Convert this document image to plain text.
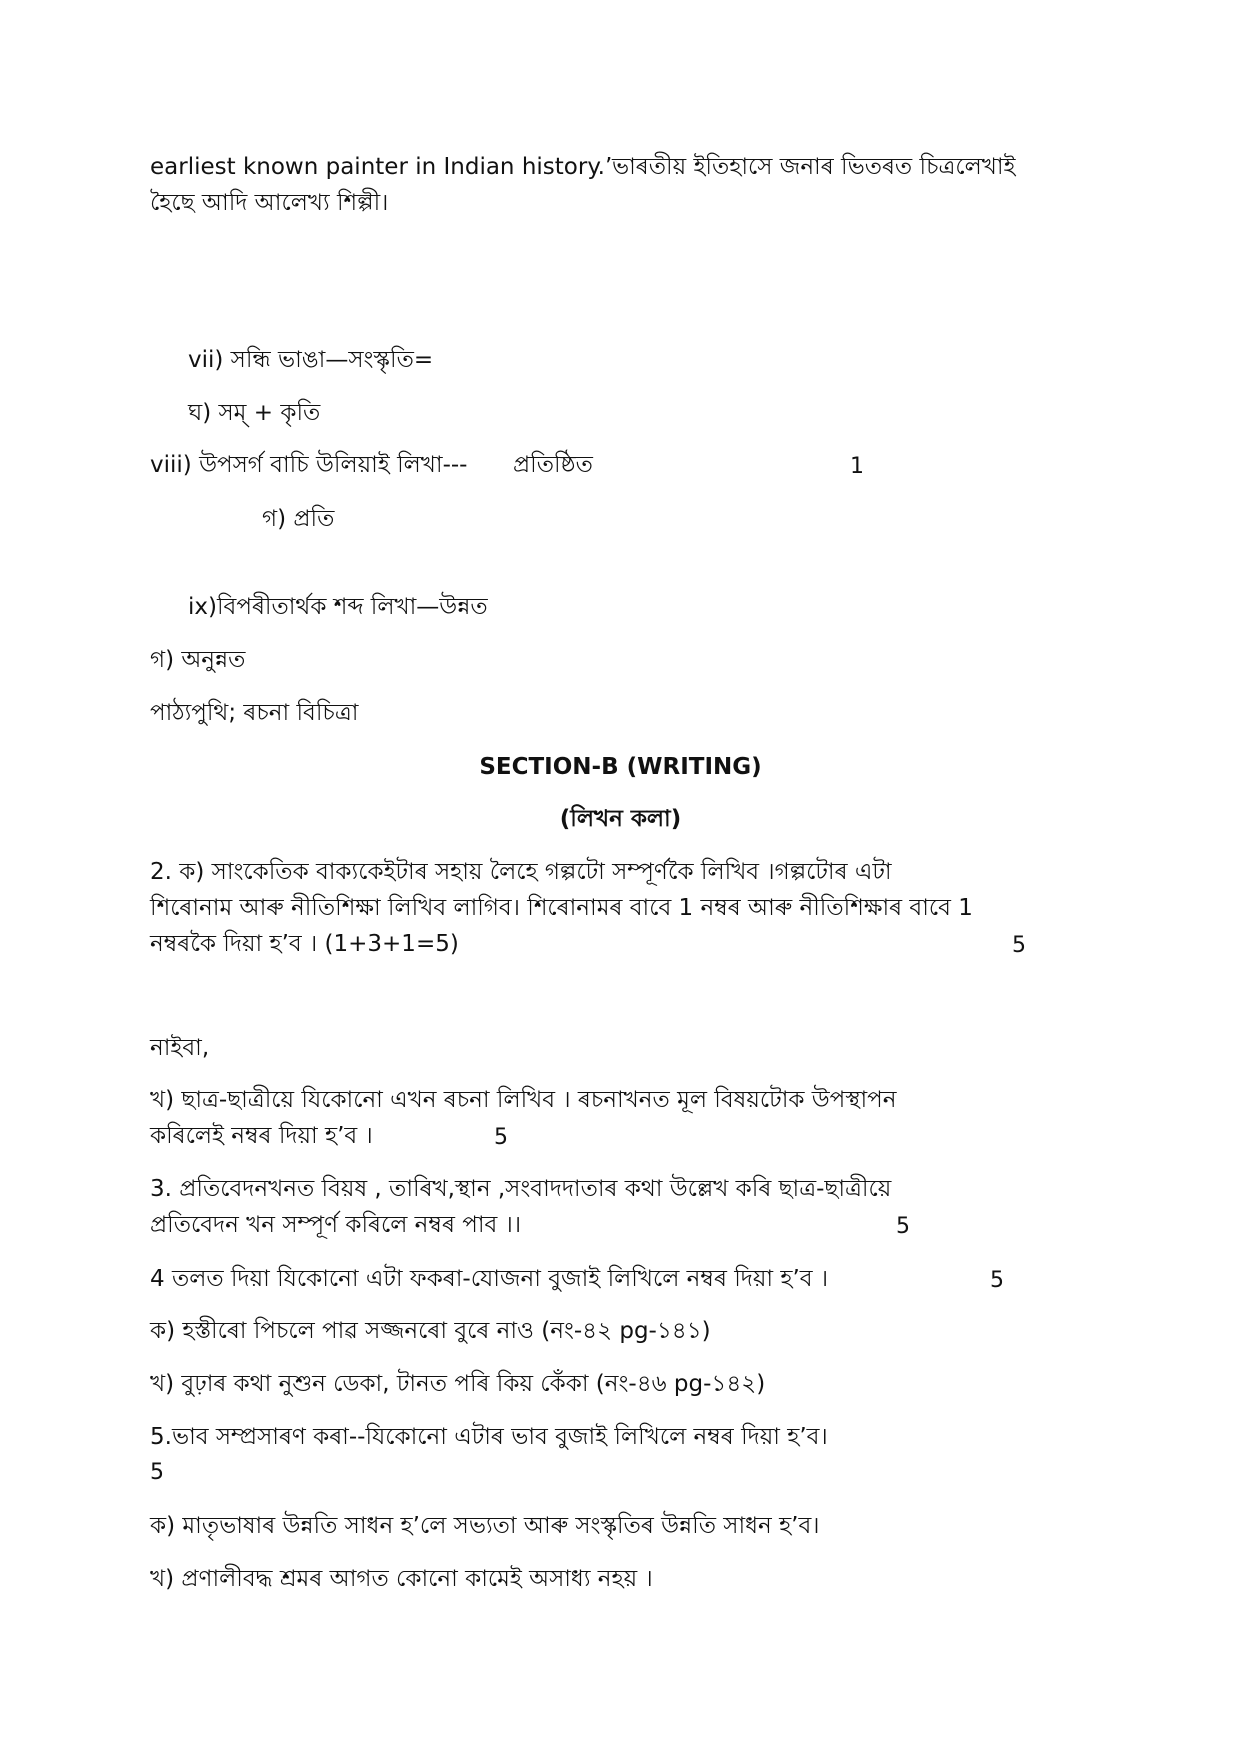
earliest known painter in Indian history.’ ভাৰতীয় ইতিহাসে জনাৰ ভিতৰত চিত্ৰলেখাই
হৈছে আদি আলেখ্য শিল্পী।
vii) সন্ধি ভাঙা—সংস্কৃতি=
ঘ) সম্ + কৃতি
viii) উপসৰ্গ বাচি উলিয়াই লিখা--- প্ৰতিষ্ঠিত	1
গ) প্ৰতি
ix)বিপৰীতাৰ্থক শব্দ লিখা—উন্নত
গ) অনুন্নত
পাঠ্যপুথি; ৰচনা বিচিত্ৰা
SECTION-B (WRITING)
(লিখন কলা)
2. ক) সাংকেতিক বাক্যকেইটাৰ সহায় লৈহে গল্পটো সম্পূৰ্ণকৈ লিখিব ।গল্পটোৰ এটা
শিৰোনাম আৰু নীতিশিক্ষা লিখিব লাগিব। শিৰোনামৰ বাবে 1 নম্বৰ আৰু নীতিশিক্ষাৰ বাবে 1
নম্বৰকৈ দিয়া হ’ব । (1+3+1=5)	5
নাইবা,
খ) ছাত্ৰ-ছাত্ৰীয়ে যিকোনো এখন ৰচনা লিখিব । ৰচনাখনত মূল বিষয়টোক উপস্থাপন
কৰিলেই নম্বৰ দিয়া হ’ব ।	5
3. প্ৰতিবেদনখনত বিয়ষ , তাৰিখ,স্থান ,সংবাদদাতাৰ কথা উল্লেখ কৰি ছাত্ৰ-ছাত্ৰীয়ে
প্ৰতিবেদন খন সম্পূৰ্ণ কৰিলে নম্বৰ পাব ।।	5
4 তলত দিয়া যিকোনো এটা ফকৰা-যোজনা বুজাই লিখিলে নম্বৰ দিয়া হ’ব ।	5
ক) হস্তীৰো পিচলে পাৱ সজ্জনৰো বুৰে নাও (নং-৪২ pg-১৪১)
খ) বুঢ়াৰ কথা নুশুন ডেকা, টানত পৰি কিয় কেঁকা (নং-৪৬ pg-১৪২)
5.ভাব সম্প্ৰসাৰণ কৰা--যিকোনো এটাৰ ভাব বুজাই লিখিলে নম্বৰ দিয়া হ’ব।
5
ক) মাতৃভাষাৰ উন্নতি সাধন হ’লে সভ্যতা আৰু সংস্কৃতিৰ উন্নতি সাধন হ’ব।
খ) প্ৰণালীবদ্ধ শ্ৰমৰ আগত কোনো কামেই অসাধ্য নহয় ।
